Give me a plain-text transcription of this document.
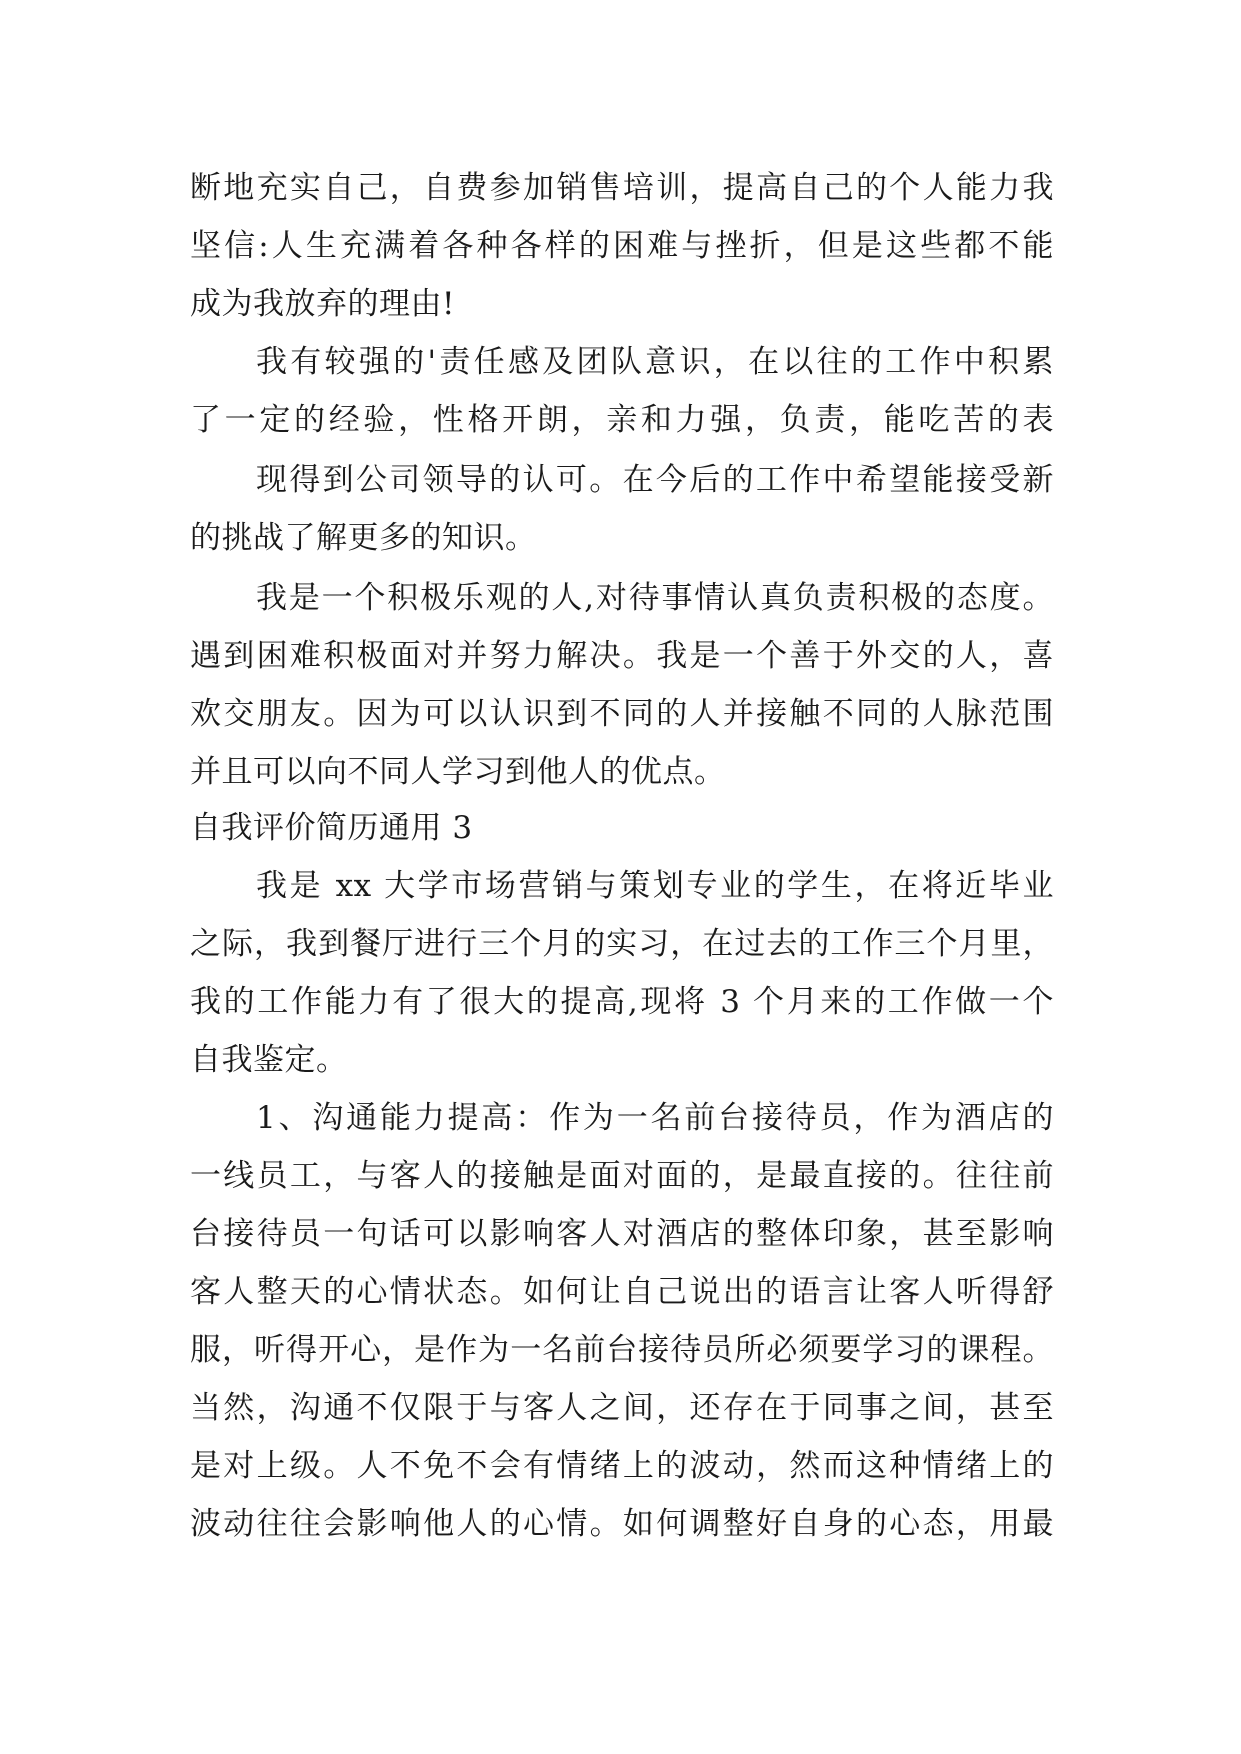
断地充实自己，自费参加销售培训，提高自己的个人能力我
坚信:人生充满着各种各样的困难与挫折，但是这些都不能
成为我放弃的理由!
我有较强的'责任感及团队意识，在以往的工作中积累
了一定的经验，性格开朗，亲和力强，负责，能吃苦的表
现得到公司领导的认可。在今后的工作中希望能接受新
的挑战了解更多的知识。
我是一个积极乐观的人,对待事情认真负责积极的态度。
遇到困难积极面对并努力解决。我是一个善于外交的人，喜
欢交朋友。因为可以认识到不同的人并接触不同的人脉范围
并且可以向不同人学习到他人的优点。
自我评价简历通用 3
我是 xx 大学市场营销与策划专业的学生，在将近毕业
之际，我到餐厅进行三个月的实习，在过去的工作三个月里，
我的工作能力有了很大的提高,现将 3 个月来的工作做一个
自我鉴定。
1、沟通能力提高：作为一名前台接待员，作为酒店的
一线员工，与客人的接触是面对面的，是最直接的。往往前
台接待员一句话可以影响客人对酒店的整体印象，甚至影响
客人整天的心情状态。如何让自己说出的语言让客人听得舒
服，听得开心，是作为一名前台接待员所必须要学习的课程。
当然，沟通不仅限于与客人之间，还存在于同事之间，甚至
是对上级。人不免不会有情绪上的波动，然而这种情绪上的
波动往往会影响他人的心情。如何调整好自身的心态，用最
